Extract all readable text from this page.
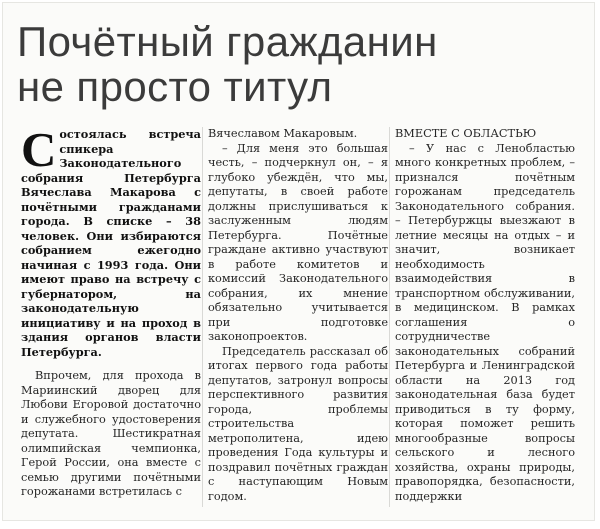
Почётный гражданин
не просто титул

Состоялась встреча спикера Законодательного собрания Петербурга Вячеслава Макарова с почётными гражданами города. В списке – 38 человек. Они избираются собранием ежегодно начиная с 1993 года. Они имеют право на встречу с губернатором, на законодательную инициативу и на проход в здания органов власти Петербурга.

Впрочем, для прохода в Мариинский дворец для Любови Егоровой достаточно и служебного удостоверения депутата. Шестикратная олимпийская чемпионка, Герой России, она вместе с семью другими почётными горожанами встретилась с

Вячеславом Макаровым.

– Для меня это большая честь, – подчеркнул он, – я глубоко убеждён, что мы, депутаты, в своей работе должны прислушиваться к заслуженным людям Петербурга. Почётные граждане активно участвуют в работе комитетов и комиссий Законодательного собрания, их мнение обязательно учитывается при подготовке законопроектов.

Председатель рассказал об итогах первого года работы депутатов, затронул вопросы перспективного развития города, проблемы строительства метрополитена, идею проведения Года культуры и поздравил почётных граждан с наступающим Новым годом.

ВМЕСТЕ С ОБЛАСТЬЮ

– У нас с Ленобластью много конкретных проблем, – признался почётным горожанам председатель Законодательного собрания. – Петербуржцы выезжают в летние месяцы на отдых – и значит, возникает необходимость взаимодействия в транспортном обслуживании, в медицинском. В рамках соглашения о сотрудничестве законодательных собраний Петербурга и Ленинградской области на 2013 год законодательная база будет приводиться в ту форму, которая поможет решить многообразные вопросы сельского и лесного хозяйства, охраны природы, правопорядка, безопасности, поддержки
